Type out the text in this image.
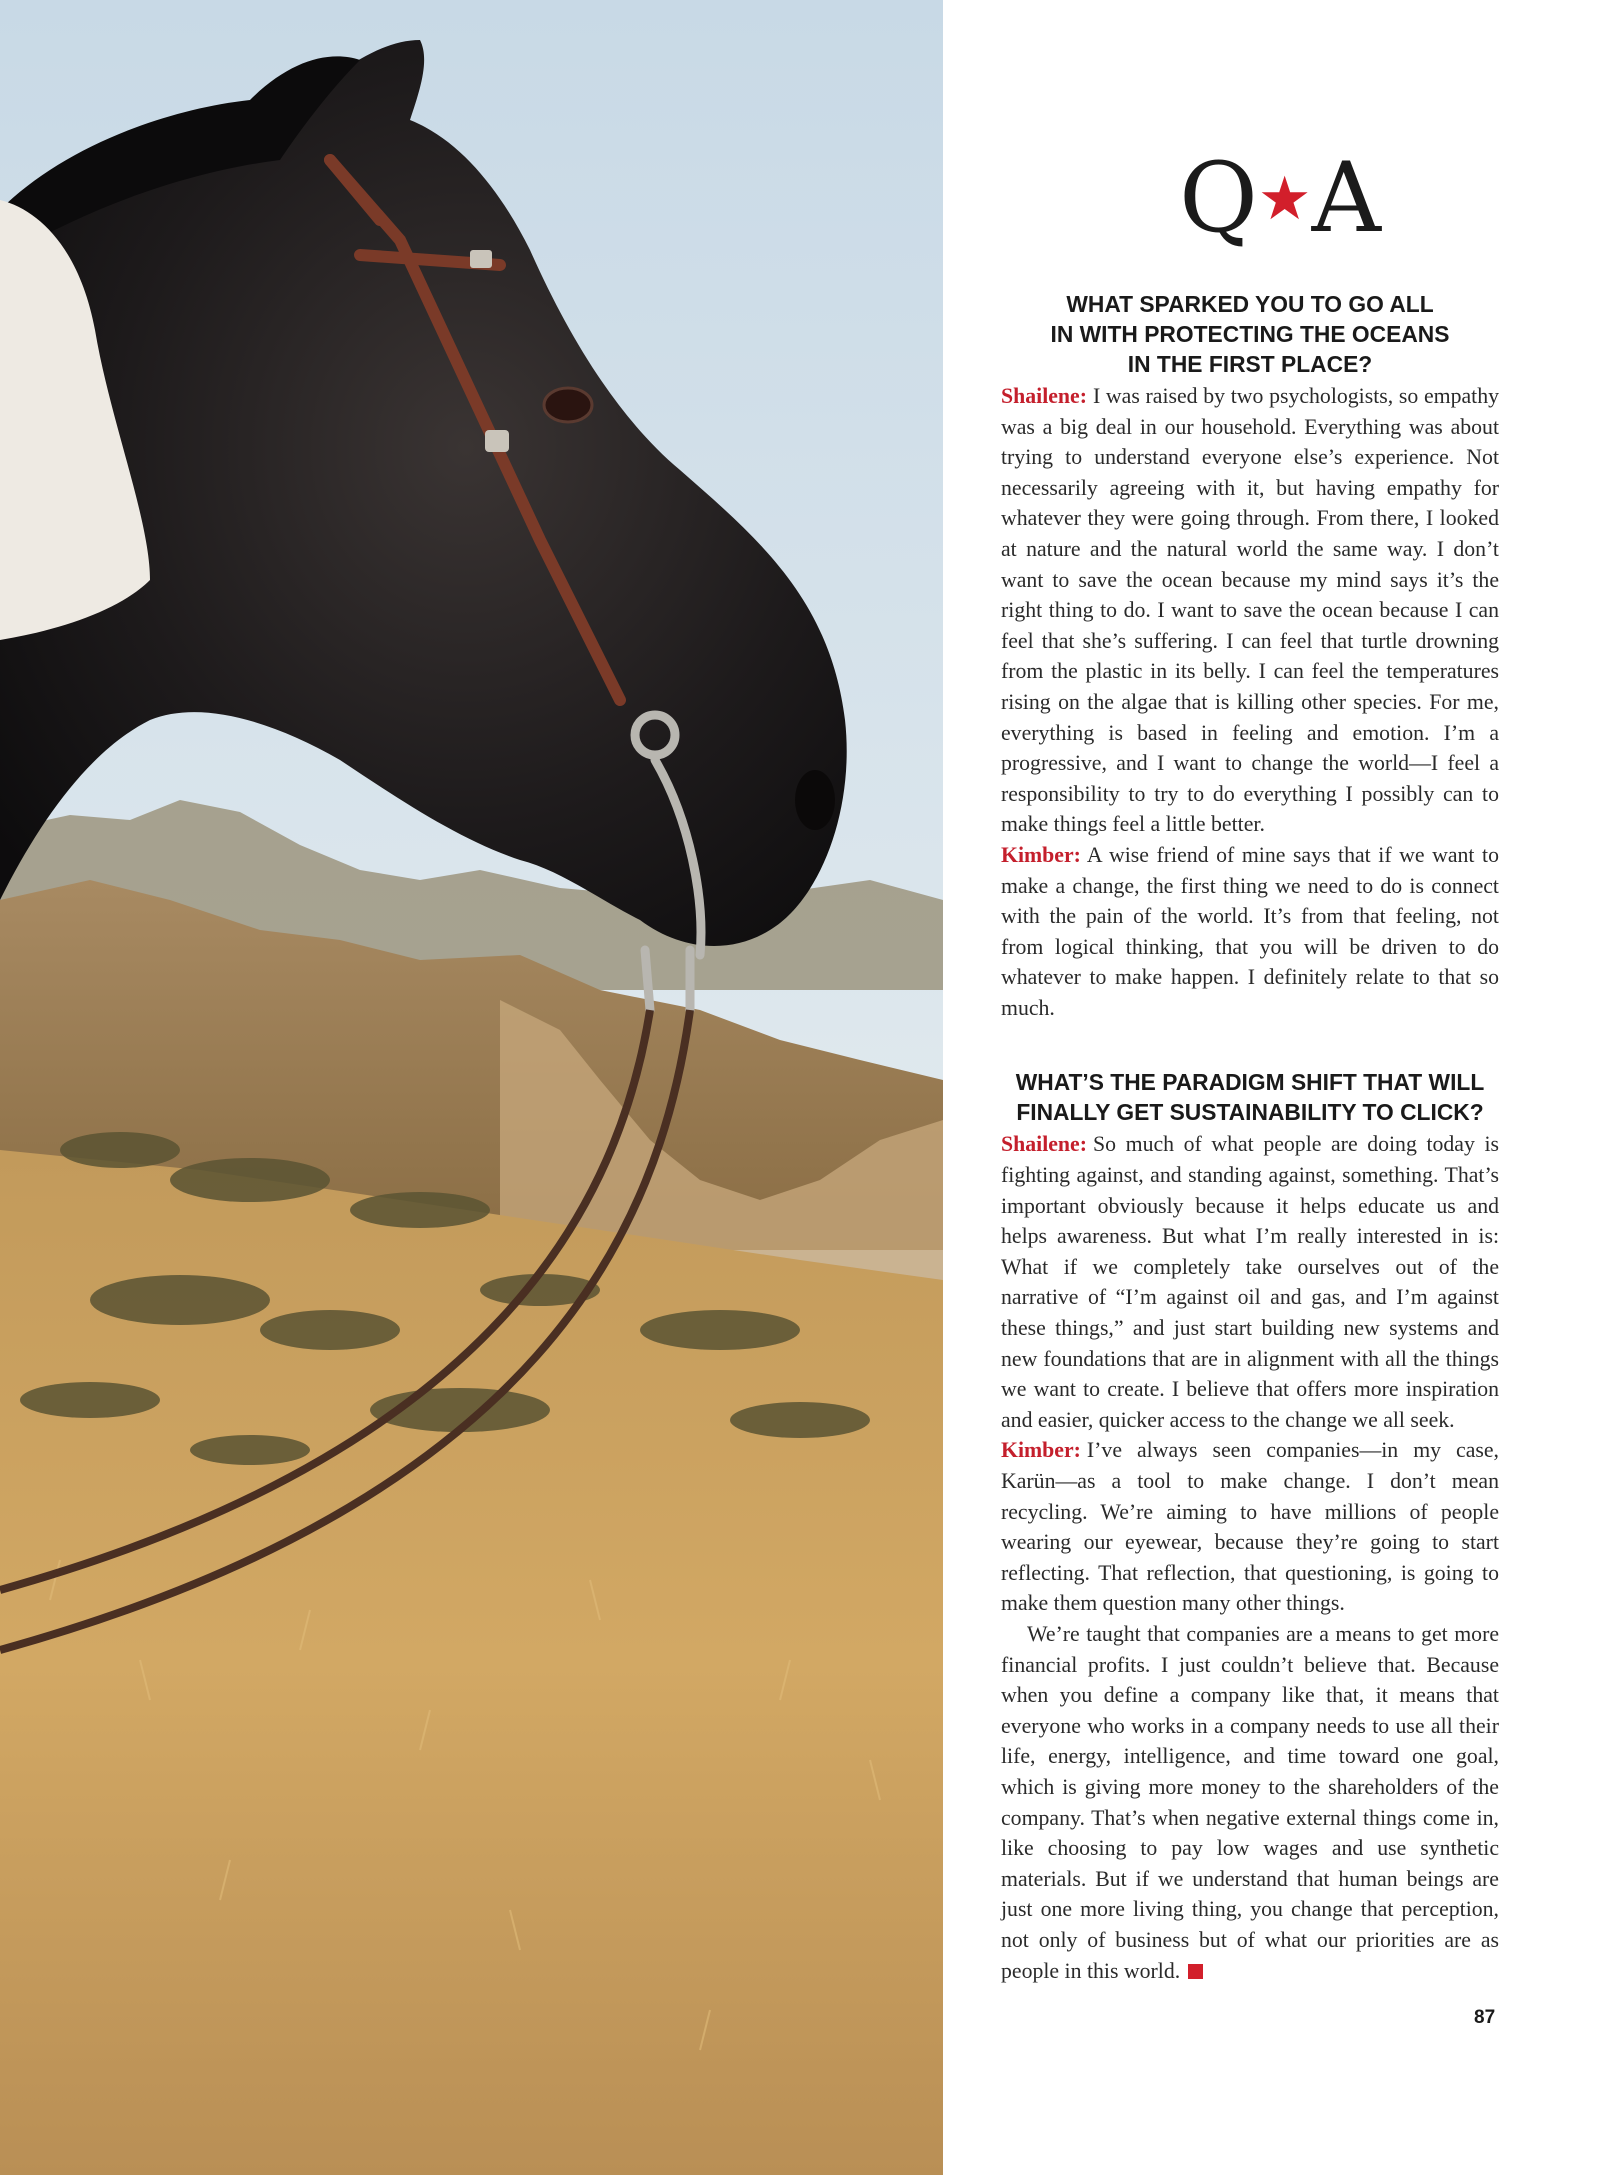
Q★A
WHAT SPARKED YOU TO GO ALL
IN WITH PROTECTING THE OCEANS
IN THE FIRST PLACE?

Shailene: I was raised by two psychologists, so empathy was a big deal in our household. Everything was about trying to understand everyone else’s experience. Not necessarily agreeing with it, but having empathy for whatever they were going through. From there, I looked at nature and the natural world the same way. I don’t want to save the ocean because my mind says it’s the right thing to do. I want to save the ocean because I can feel that she’s suffering. I can feel that turtle drowning from the plastic in its belly. I can feel the temperatures rising on the algae that is killing other species. For me, everything is based in feeling and emotion. I’m a progressive, and I want to change the world—I feel a responsibility to try to do everything I possibly can to make things feel a little better.

Kimber: A wise friend of mine says that if we want to make a change, the first thing we need to do is connect with the pain of the world. It’s from that feeling, not from logical thinking, that you will be driven to do whatever to make happen. I definitely relate to that so much.

WHAT’S THE PARADIGM SHIFT THAT WILL
FINALLY GET SUSTAINABILITY TO CLICK?

Shailene: So much of what people are doing today is fighting against, and standing against, something. That’s important obviously because it helps educate us and helps awareness. But what I’m really interested in is: What if we completely take ourselves out of the narrative of “I’m against oil and gas, and I’m against these things,” and just start building new systems and new foundations that are in alignment with all the things we want to create. I believe that offers more inspiration and easier, quicker access to the change we all seek.

Kimber: I’ve always seen companies—in my case, Karün—as a tool to make change. I don’t mean recycling. We’re aiming to have millions of people wearing our eyewear, because they’re going to start reflecting. That reflection, that questioning, is going to make them question many other things.

We’re taught that companies are a means to get more financial profits. I just couldn’t believe that. Because when you define a company like that, it means that everyone who works in a company needs to use all their life, energy, intelligence, and time toward one goal, which is giving more money to the shareholders of the company. That’s when negative external things come in, like choosing to pay low wages and use synthetic materials. But if we understand that human beings are just one more living thing, you change that perception, not only of business but of what our priorities are as people in this world.

87
